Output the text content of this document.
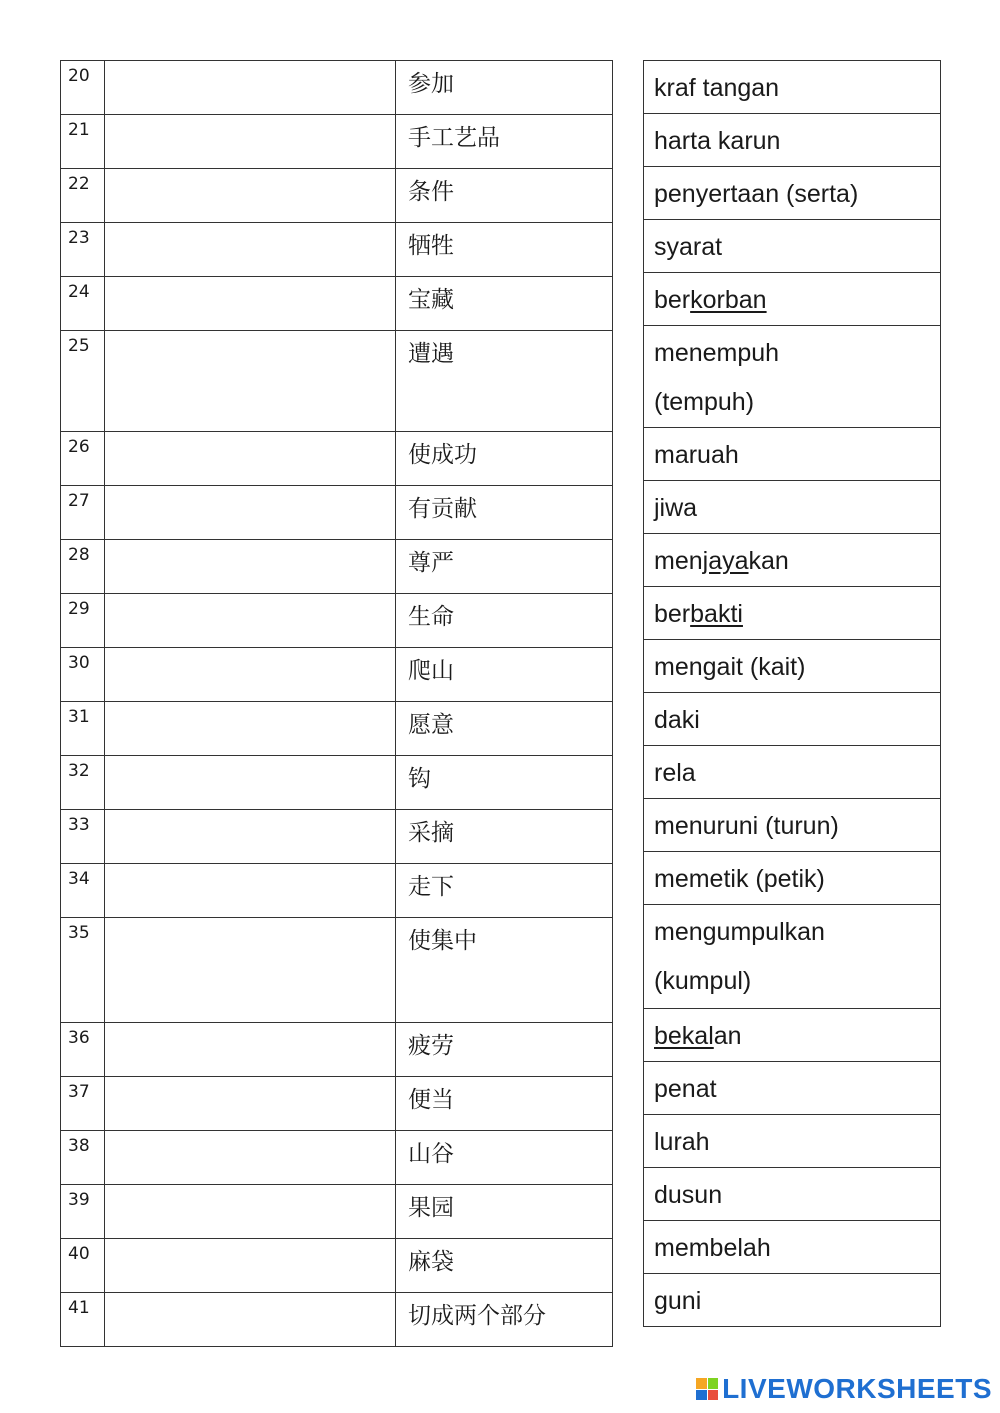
20		参加
21		手工艺品
22		条件
23		牺牲
24		宝藏
25		遭遇
26		使成功
27		有贡献
28		尊严
29		生命
30		爬山
31		愿意
32		钩
33		采摘
34		走下
35		使集中
36		疲劳
37		便当
38		山谷
39		果园
40		麻袋
41		切成两个部分
kraf tangan
harta karun
penyertaan (serta)
syarat
berkorban

menempuh
(tempuh)

maruah
jiwa
menjayakan
berbakti
mengait (kait)
daki
rela
menuruni (turun)
memetik (petik)

mengumpulkan
(kumpul)

bekalan
penat
lurah
dusun
membelah
guni
LIVEWORKSHEETS
